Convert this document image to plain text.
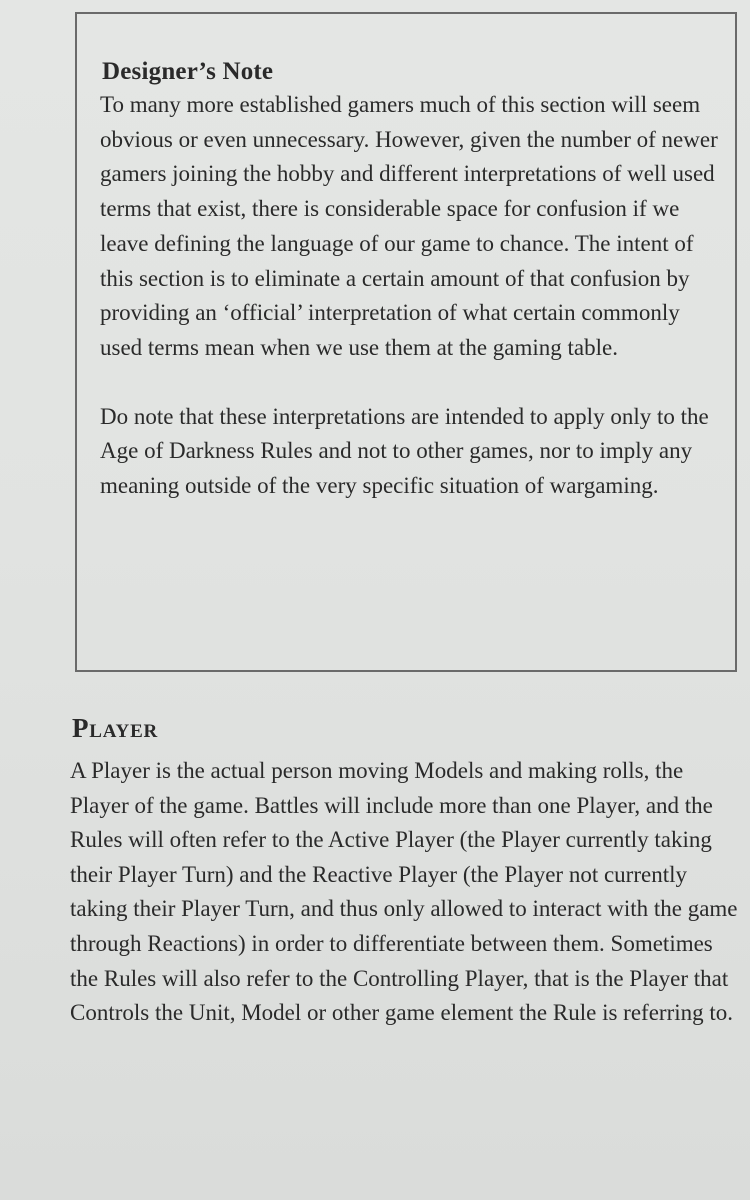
Designer’s Note

To many more established gamers much of this section will seem obvious or even unnecessary. However, given the number of newer gamers joining the hobby and different interpretations of well used terms that exist, there is considerable space for confusion if we leave defining the language of our game to chance. The intent of this section is to eliminate a certain amount of that confusion by providing an ‘official’ interpretation of what certain commonly used terms mean when we use them at the gaming table.

Do note that these interpretations are intended to apply only to the Age of Darkness Rules and not to other games, nor to imply any meaning outside of the very specific situation of wargaming.

Player

A Player is the actual person moving Models and making rolls, the Player of the game. Battles will include more than one Player, and the Rules will often refer to the Active Player (the Player currently taking their Player Turn) and the Reactive Player (the Player not currently taking their Player Turn, and thus only allowed to interact with the game through Reactions) in order to differentiate between them. Sometimes the Rules will also refer to the Controlling Player, that is the Player that Controls the Unit, Model or other game element the Rule is referring to.
